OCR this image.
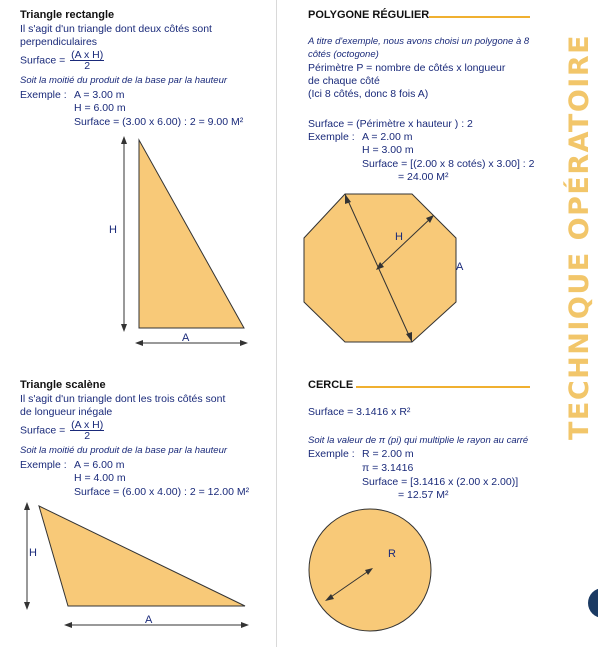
Triangle rectangle
Il s'agit d'un triangle dont deux côtés sont
perpendiculaires
Surface = $\frac{\text{(A x H)}}{2}$
Soit la moitié du produit de la base par la hauteur
Exemple : A = 3.00 m
H = 6.00 m
Surface = (3.00 x 6.00) : 2 = 9.00 M²
H
A
Triangle scalène
Il s'agit d'un triangle dont les trois côtés sont
de longueur inégale
Surface = $\frac{\text{(A x H)}}{2}$
Soit la moitié du produit de la base par la hauteur
Exemple : A = 6.00 m
H = 4.00 m
Surface = (6.00 x 4.00) : 2 = 12.00 M²
H
A
POLYGONE RÉGULIER
A titre d'exemple, nous avons choisi un polygone à 8
côtés (octogone)
Périmètre P = nombre de côtés x longueur
de chaque côté
(Ici 8 côtés, donc 8 fois A)
Surface = (Périmètre x hauteur ) : 2
Exemple : A = 2.00 m
H = 3.00 m
Surface = [(2.00 x 8 cotés) x 3.00] : 2
= 24.00 M²
H
A
CERCLE
Surface = 3.1416 x R²
Soit la valeur de π (pi) qui multiplie le rayon au carré
Exemple : R = 2.00 m
π = 3.1416
Surface = [3.1416 x (2.00 x 2.00)]
= 12.57 M²
R
TECHNIQUE OPÉRATOIRE
